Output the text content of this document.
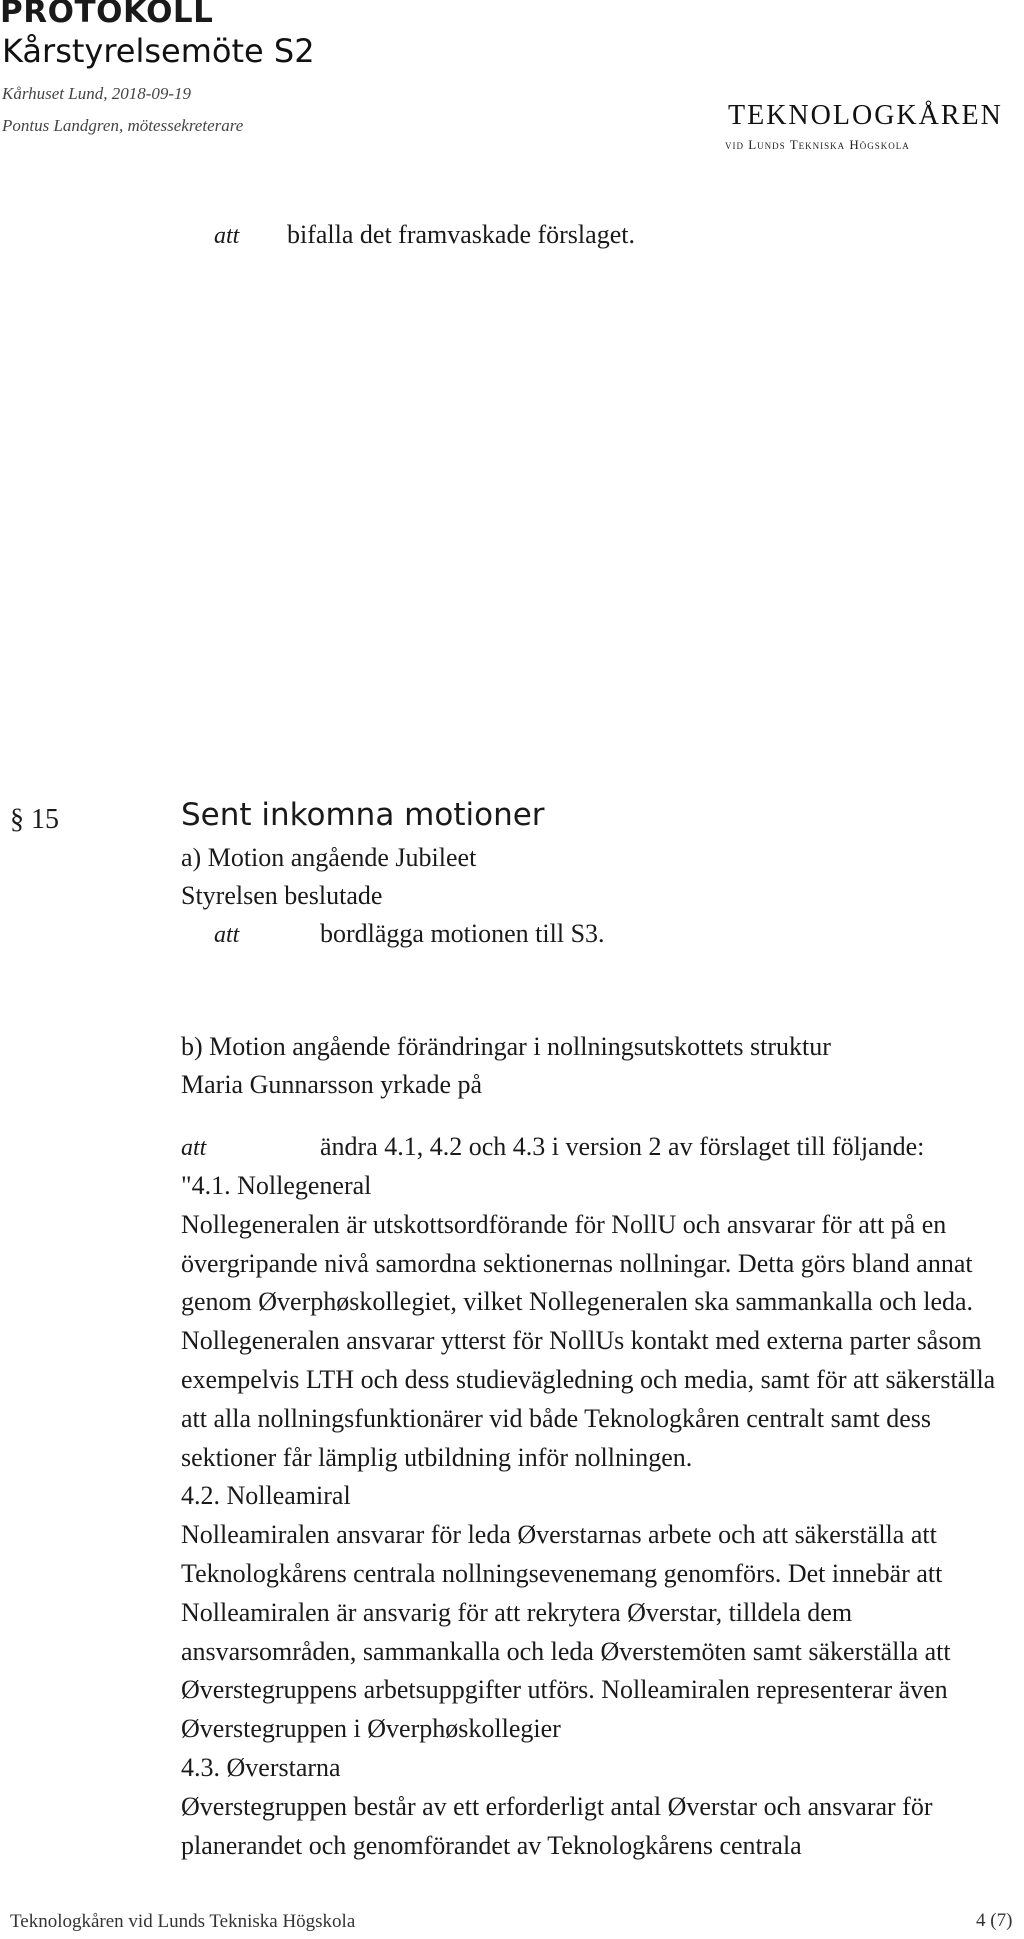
PROTOKOLL
Kårstyrelsemöte S2
Kårhuset Lund, 2018-09-19
Pontus Landgren, mötessekreterare	TEKNOLOGKÅREN
vid Lunds Tekniska Högskola
att bifalla det framvaskade förslaget.
§ 15	Sent inkomna motioner
a) Motion angående Jubileet
Styrelsen beslutade
att	bordlägga motionen till S3.
b) Motion angående förändringar i nollningsutskottets struktur
Maria Gunnarsson yrkade på
att	ändra 4.1, 4.2 och 4.3 i version 2 av förslaget till följande:
"4.1. Nollegeneral
Nollegeneralen är utskottsordförande för NollU och ansvarar för att på en
övergripande nivå samordna sektionernas nollningar. Detta görs bland annat
genom Øverphøskollegiet, vilket Nollegeneralen ska sammankalla och leda.
Nollegeneralen ansvarar ytterst för NollUs kontakt med externa parter såsom
exempelvis LTH och dess studievägledning och media, samt för att säkerställa
att alla nollningsfunktionärer vid både Teknologkåren centralt samt dess
sektioner får lämplig utbildning inför nollningen.
4.2. Nolleamiral
Nolleamiralen ansvarar för leda Øverstarnas arbete och att säkerställa att
Teknologkårens centrala nollningsevenemang genomförs. Det innebär att
Nolleamiralen är ansvarig för att rekrytera Øverstar, tilldela dem
ansvarsområden, sammankalla och leda Øverstemöten samt säkerställa att
Øverstegruppens arbetsuppgifter utförs. Nolleamiralen representerar även
Øverstegruppen i Øverphøskollegier
4.3. Øverstarna
Øverstegruppen består av ett erforderligt antal Øverstar och ansvarar för
planerandet och genomförandet av Teknologkårens centrala
Teknologkåren vid Lunds Tekniska Högskola	4 (7)
